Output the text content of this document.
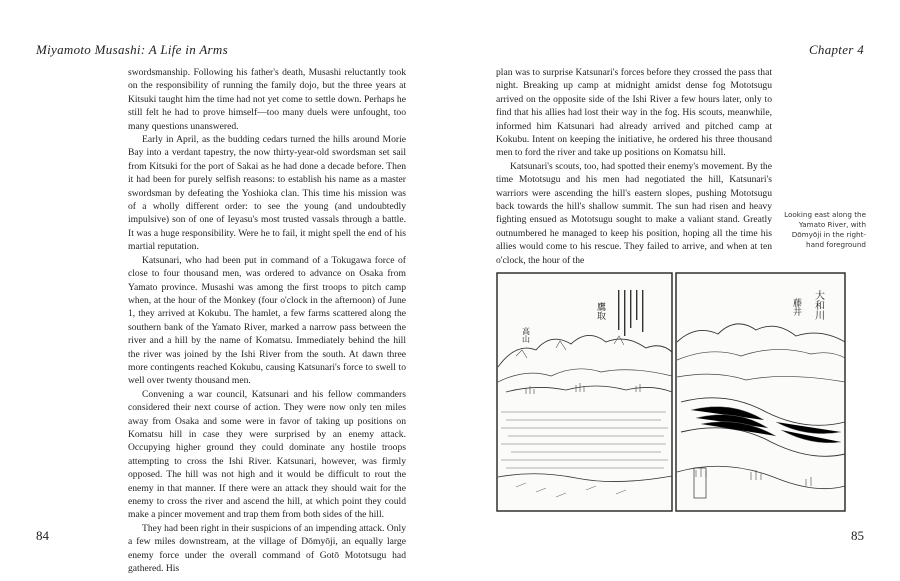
Miyamoto Musashi: A Life in Arms	Chapter 4

swordsmanship. Following his father's death, Musashi reluctantly took on the responsibility of running the family dojo, but the three years at Kitsuki taught him the time had not yet come to settle down. Perhaps he still felt he had to prove himself—too many duels were unfought, too many questions unanswered.

Early in April, as the budding cedars turned the hills around Morie Bay into a verdant tapestry, the now thirty-year-old swordsman set sail from Kitsuki for the port of Sakai as he had done a decade before. Then it had been for purely selfish reasons: to establish his name as a master swordsman by defeating the Yoshioka clan. This time his mission was of a wholly different order: to see the young (and undoubtedly impulsive) son of one of Ieyasu's most trusted vassals through a battle. It was a huge responsibility. Were he to fail, it might spell the end of his martial reputation.

Katsunari, who had been put in command of a Tokugawa force of close to four thousand men, was ordered to advance on Osaka from Yamato province. Musashi was among the first troops to pitch camp when, at the hour of the Monkey (four o'clock in the afternoon) of June 1, they arrived at Kokubu. The hamlet, a few farms scattered along the southern bank of the Yamato River, marked a narrow pass between the river and a hill by the name of Komatsu. Immediately behind the hill the river was joined by the Ishi River from the south. At dawn three more contingents reached Kokubu, causing Katsunari's force to swell to well over twenty thousand men.

Convening a war council, Katsunari and his fellow commanders considered their next course of action. They were now only ten miles away from Osaka and some were in favor of taking up positions on Komatsu hill in case they were surprised by an enemy attack. Occupying higher ground they could dominate any hostile troops attempting to cross the Ishi River. Katsunari, however, was firmly opposed. The hill was not high and it would be difficult to rout the enemy in that manner. If there were an attack they should wait for the enemy to cross the river and ascend the hill, at which point they could make a pincer movement and trap them from both sides of the hill.

They had been right in their suspicions of an impending attack. Only a few miles downstream, at the village of Dōmyōji, an equally large enemy force under the overall command of Gotō Mototsugu had gathered. His

plan was to surprise Katsunari's forces before they crossed the pass that night. Breaking up camp at midnight amidst dense fog Mototsugu arrived on the opposite side of the Ishi River a few hours later, only to find that his allies had lost their way in the fog. His scouts, meanwhile, informed him Katsunari had already arrived and pitched camp at Kokubu. Intent on keeping the initiative, he ordered his three thousand men to ford the river and take up positions on Komatsu hill.

Katsunari's scouts, too, had spotted their enemy's movement. By the time Mototsugu and his men had negotiated the hill, Katsunari's warriors were ascending the hill's eastern slopes, pushing Mototsugu back towards the hill's shallow summit. The sun had risen and heavy fighting ensued as Mototsugu sought to make a valiant stand. Greatly outnumbered he managed to keep his position, hoping all the time his allies would come to his rescue. They failed to arrive, and when at ten o'clock, the hour of the

Looking east along the Yamato River, with Dōmyōji in the right-hand foreground
鷹取
高山
大和川
藤井
84	85
